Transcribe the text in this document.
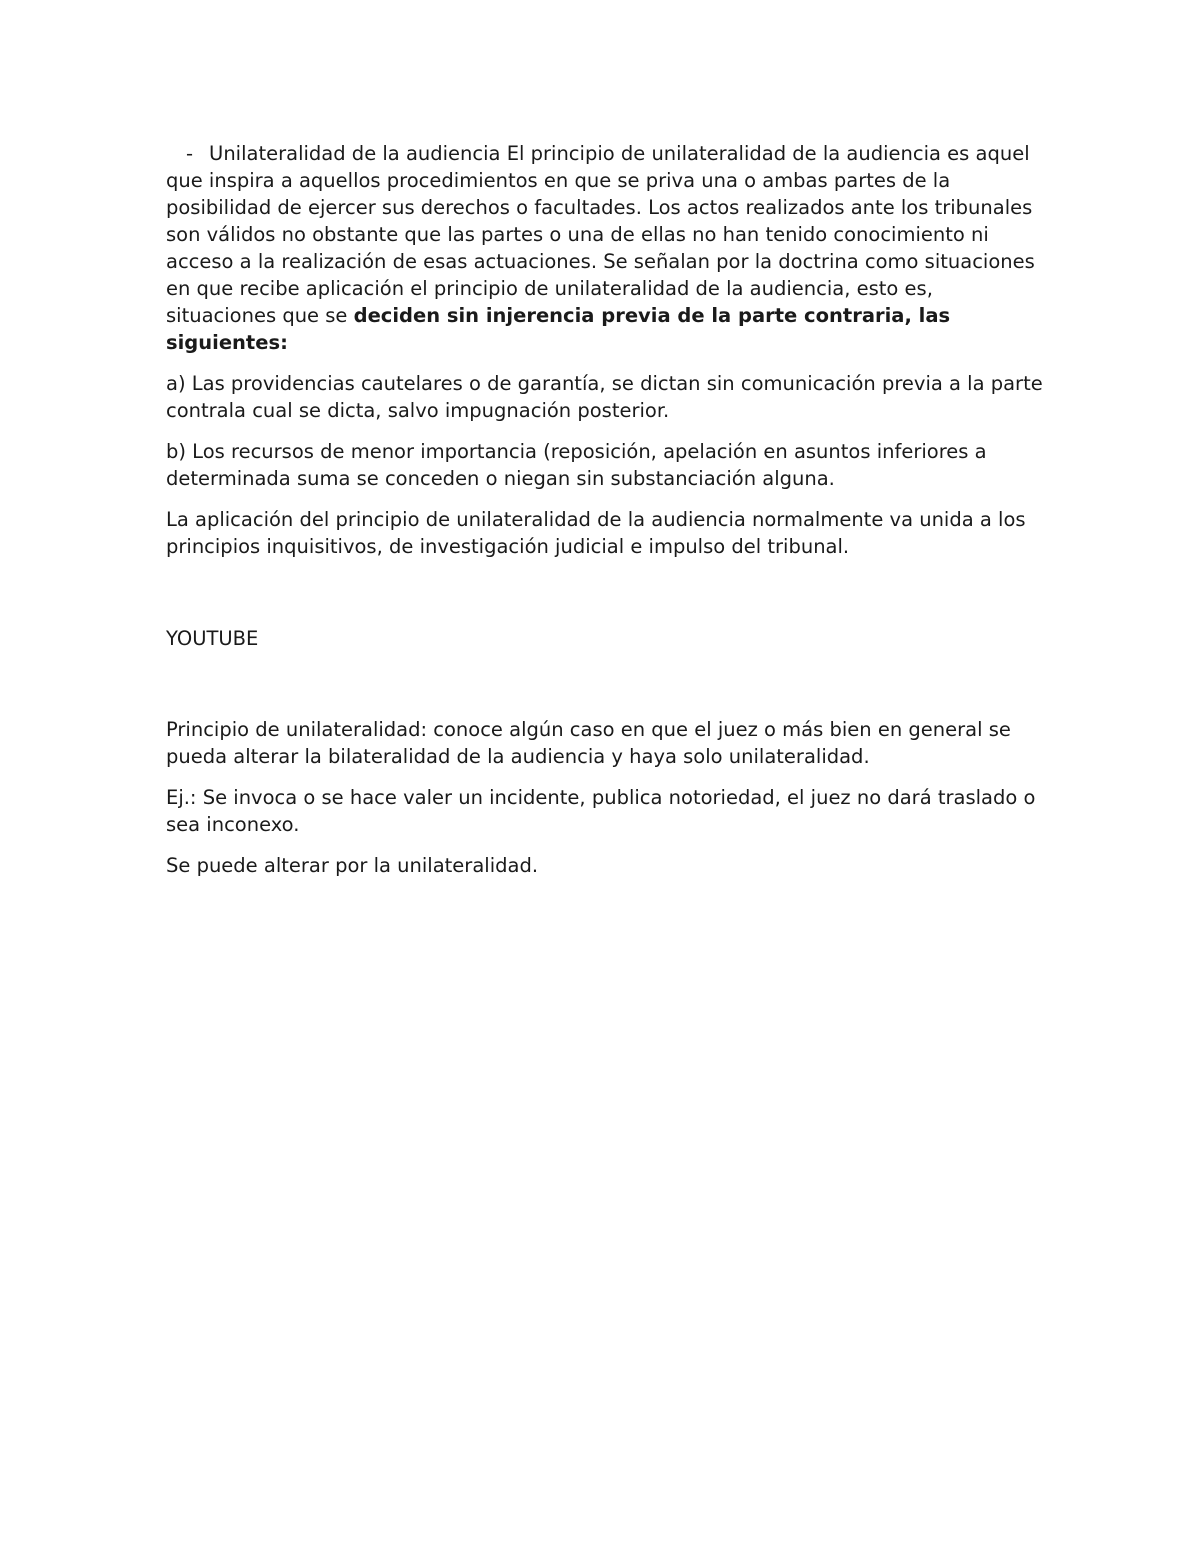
- Unilateralidad de la audiencia El principio de unilateralidad de la audiencia es aquel que inspira a aquellos procedimientos en que se priva una o ambas partes de la posibilidad de ejercer sus derechos o facultades. Los actos realizados ante los tribunales son válidos no obstante que las partes o una de ellas no han tenido conocimiento ni acceso a la realización de esas actuaciones. Se señalan por la doctrina como situaciones en que recibe aplicación el principio de unilateralidad de la audiencia, esto es, situaciones que se deciden sin injerencia previa de la parte contraria, las siguientes:

a) Las providencias cautelares o de garantía, se dictan sin comunicación previa a la parte contrala cual se dicta, salvo impugnación posterior.

b) Los recursos de menor importancia (reposición, apelación en asuntos inferiores a determinada suma se conceden o niegan sin substanciación alguna.

La aplicación del principio de unilateralidad de la audiencia normalmente va unida a los principios inquisitivos, de investigación judicial e impulso del tribunal.

YOUTUBE

Principio de unilateralidad: conoce algún caso en que el juez o más bien en general se pueda alterar la bilateralidad de la audiencia y haya solo unilateralidad.

Ej.: Se invoca o se hace valer un incidente, publica notoriedad, el juez no dará traslado o sea inconexo.

Se puede alterar por la unilateralidad.
